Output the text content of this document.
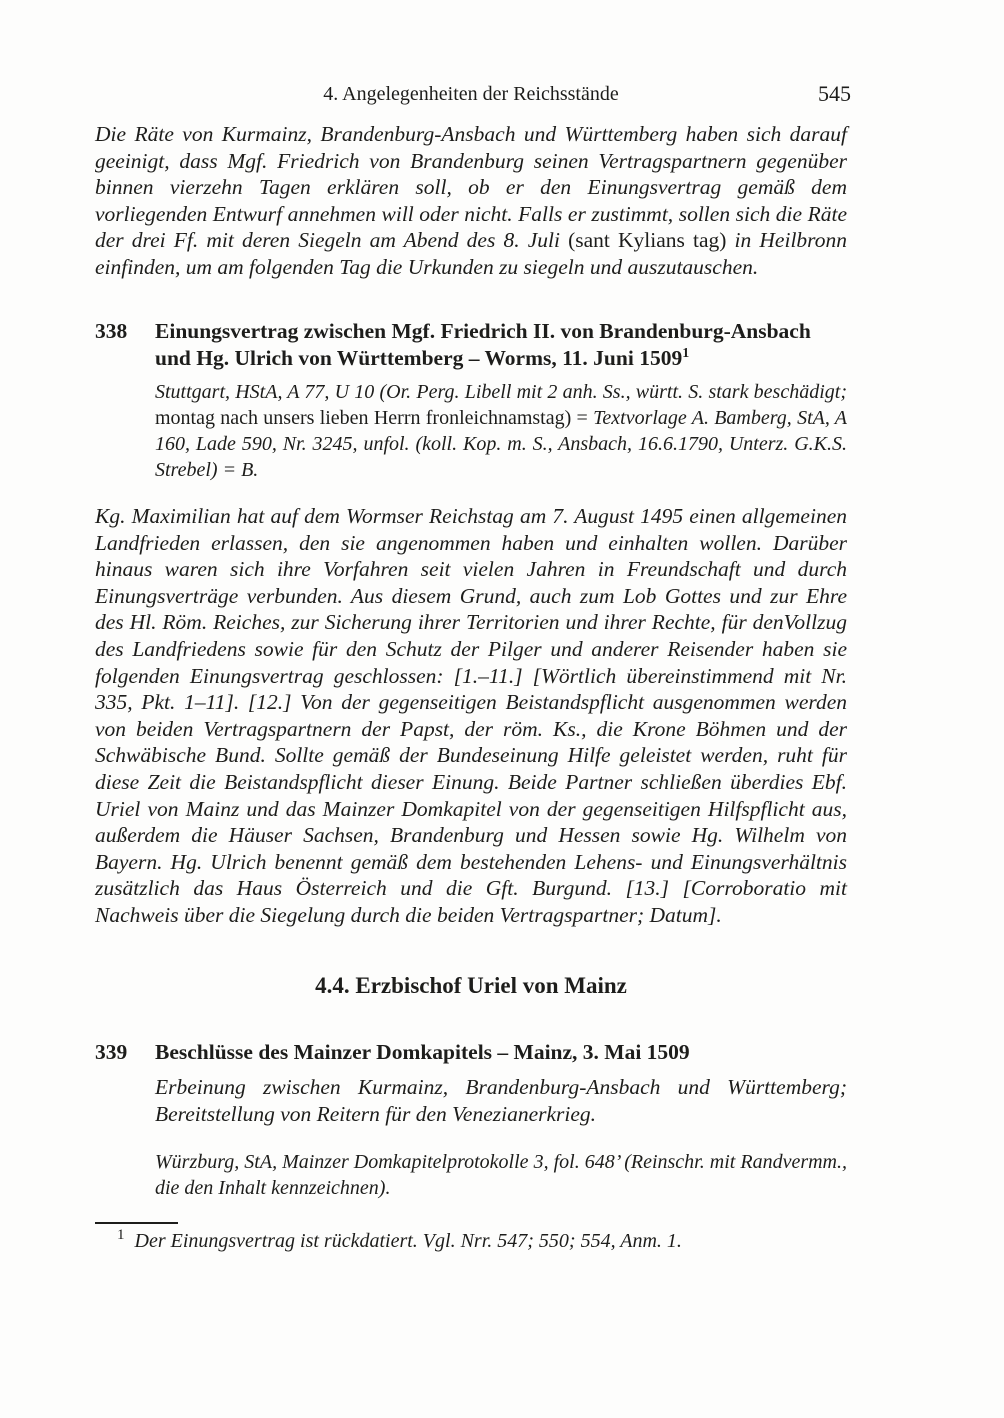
4. Angelegenheiten der Reichsstände	545

Die Räte von Kurmainz, Brandenburg-Ansbach und Württemberg haben sich darauf geeinigt, dass Mgf. Friedrich von Brandenburg seinen Vertragspartnern gegenüber binnen vierzehn Tagen erklären soll, ob er den Einungsvertrag gemäß dem vorliegenden Entwurf annehmen will oder nicht. Falls er zustimmt, sollen sich die Räte der drei Ff. mit deren Siegeln am Abend des 8. Juli (sant Kylians tag) in Heilbronn einfinden, um am folgenden Tag die Urkunden zu siegeln und auszutauschen.

338	Einungsvertrag zwischen Mgf. Friedrich II. von Brandenburg-Ansbach und Hg. Ulrich von Württemberg – Worms, 11. Juni 1509$^1$

Stuttgart, HStA, A 77, U 10 (Or. Perg. Libell mit 2 anh. Ss., württ. S. stark beschädigt; montag nach unsers lieben Herrn fronleichnamstag) = Textvorlage A. Bamberg, StA, A 160, Lade 590, Nr. 3245, unfol. (koll. Kop. m. S., Ansbach, 16.6.1790, Unterz. G.K.S. Strebel) = B.

Kg. Maximilian hat auf dem Wormser Reichstag am 7. August 1495 einen allgemeinen Landfrieden erlassen, den sie angenommen haben und einhalten wollen. Darüber hinaus waren sich ihre Vorfahren seit vielen Jahren in Freundschaft und durch Einungsverträge verbunden. Aus diesem Grund, auch zum Lob Gottes und zur Ehre des Hl. Röm. Reiches, zur Sicherung ihrer Territorien und ihrer Rechte, für denVollzug des Landfriedens sowie für den Schutz der Pilger und anderer Reisender haben sie folgenden Einungsvertrag geschlossen: [1.–11.] [Wörtlich übereinstimmend mit Nr. 335, Pkt. 1–11]. [12.] Von der gegenseitigen Beistandspflicht ausgenommen werden von beiden Vertragspartnern der Papst, der röm. Ks., die Krone Böhmen und der Schwäbische Bund. Sollte gemäß der Bundeseinung Hilfe geleistet werden, ruht für diese Zeit die Beistandspflicht dieser Einung. Beide Partner schließen überdies Ebf. Uriel von Mainz und das Mainzer Domkapitel von der gegenseitigen Hilfspflicht aus, außerdem die Häuser Sachsen, Brandenburg und Hessen sowie Hg. Wilhelm von Bayern. Hg. Ulrich benennt gemäß dem bestehenden Lehens- und Einungsverhältnis zusätzlich das Haus Österreich und die Gft. Burgund. [13.] [Corroboratio mit Nachweis über die Siegelung durch die beiden Vertragspartner; Datum].

4.4. Erzbischof Uriel von Mainz
339	Beschlüsse des Mainzer Domkapitels – Mainz, 3. Mai 1509

Erbeinung zwischen Kurmainz, Brandenburg-Ansbach und Württemberg; Bereitstellung von Reitern für den Venezianerkrieg.

Würzburg, StA, Mainzer Domkapitelprotokolle 3, fol. 648’ (Reinschr. mit Randvermm., die den Inhalt kennzeichnen).

$^1$ Der Einungsvertrag ist rückdatiert. Vgl. Nrr. 547; 550; 554, Anm. 1.
